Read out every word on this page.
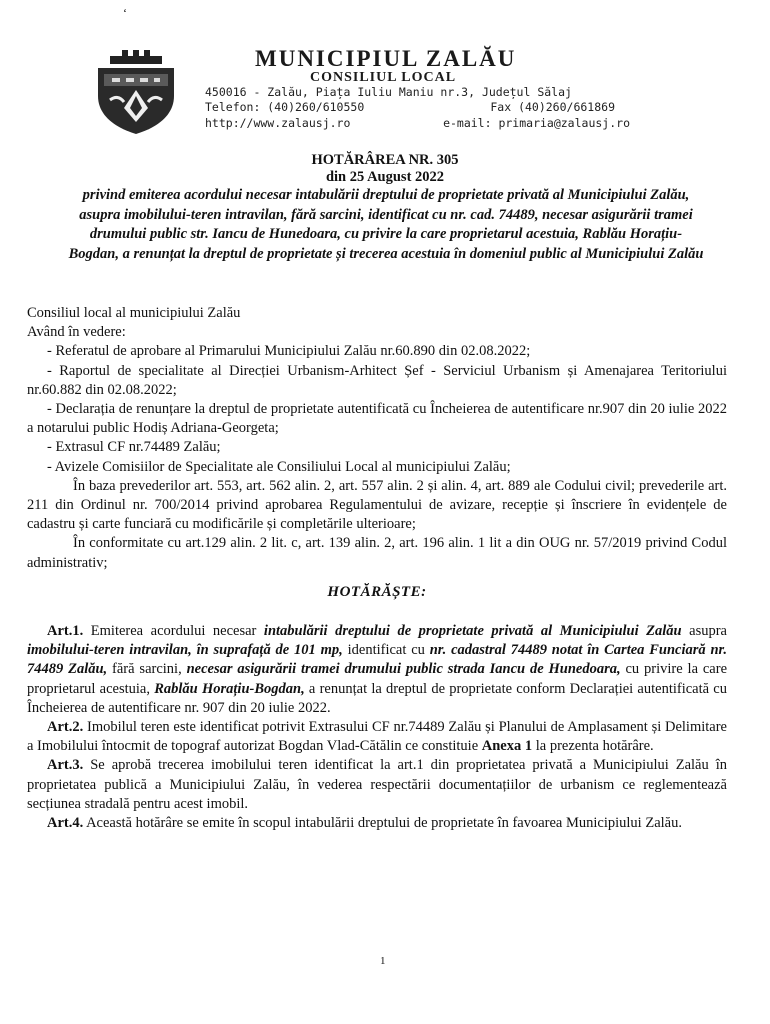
ʻ
MUNICIPIUL ZALĂU
CONSILIUL LOCAL
450016 - Zalău, Piața Iuliu Maniu nr.3, Județul Sălaj
Telefon: (40)260/610550	Fax (40)260/661869
http://www.zalausj.ro	e-mail: primaria@zalausj.ro
HOTĂRÂREA NR. 305
din 25 August 2022
privind emiterea acordului necesar intabulării dreptului de proprietate privată al Municipiului Zalău, asupra imobilului-teren intravilan, fără sarcini, identificat cu nr. cad. 74489, necesar asigurării tramei drumului public str. Iancu de Hunedoara, cu privire la care proprietarul acestuia, Rablău Horațiu-Bogdan, a renunțat la dreptul de proprietate și trecerea acestuia în domeniul public al Municipiului Zalău

Consiliul local al municipiului Zalău

Având în vedere:

- Referatul de aprobare al Primarului Municipiului Zalău nr.60.890 din 02.08.2022;

- Raportul de specialitate al Direcției Urbanism-Arhitect Șef - Serviciul Urbanism și Amenajarea Teritoriului nr.60.882 din 02.08.2022;

- Declarația de renunțare la dreptul de proprietate autentificată cu Încheierea de autentificare nr.907 din 20 iulie 2022 a notarului public Hodiș Adriana-Georgeta;

- Extrasul CF nr.74489 Zalău;

- Avizele Comisiilor de Specialitate ale Consiliului Local al municipiului Zalău;

În baza prevederilor art. 553, art. 562 alin. 2, art. 557 alin. 2 și alin. 4, art. 889 ale Codului civil; prevederile art. 211 din Ordinul nr. 700/2014 privind aprobarea Regulamentului de avizare, recepție și înscriere în evidențele de cadastru și carte funciară cu modificările și completările ulterioare;

În conformitate cu art.129 alin. 2 lit. c, art. 139 alin. 2, art. 196 alin. 1 lit a din OUG nr. 57/2019 privind Codul administrativ;

HOTĂRĂȘTE:

Art.1. Emiterea acordului necesar intabulării dreptului de proprietate privată al Municipiului Zalău asupra imobilului-teren intravilan, în suprafață de 101 mp, identificat cu nr. cadastral 74489 notat în Cartea Funciară nr. 74489 Zalău, fără sarcini, necesar asigurării tramei drumului public strada Iancu de Hunedoara, cu privire la care proprietarul acestuia, Rablău Horațiu-Bogdan, a renunțat la dreptul de proprietate conform Declarației autentificată cu Încheierea de autentificare nr. 907 din 20 iulie 2022.

Art.2. Imobilul teren este identificat potrivit Extrasului CF nr.74489 Zalău și Planului de Amplasament și Delimitare a Imobilului întocmit de topograf autorizat Bogdan Vlad-Cătălin ce constituie Anexa 1 la prezenta hotărâre.

Art.3. Se aprobă trecerea imobilului teren identificat la art.1 din proprietatea privată a Municipiului Zalău în proprietatea publică a Municipiului Zalău, în vederea respectării documentațiilor de urbanism ce reglementează secțiunea stradală pentru acest imobil.

Art.4. Această hotărâre se emite în scopul intabulării dreptului de proprietate în favoarea Municipiului Zalău.

1
